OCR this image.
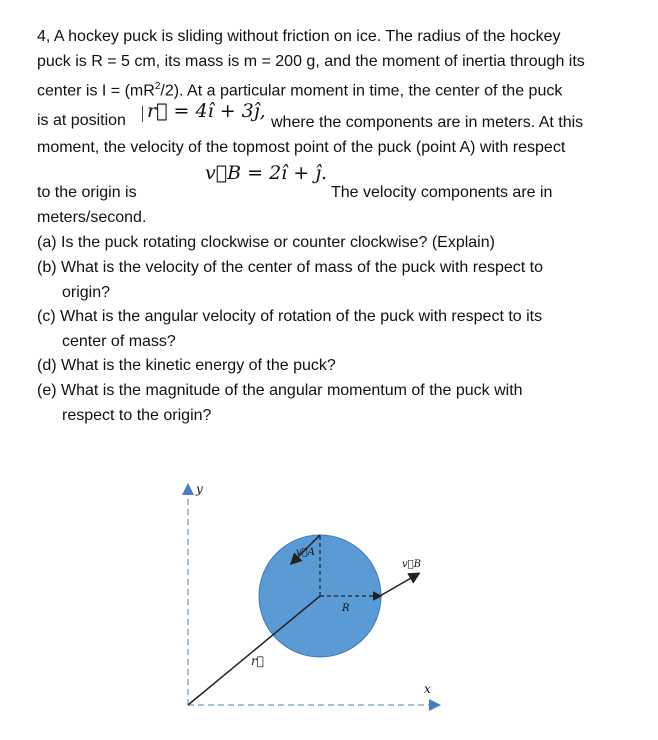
4, A hockey puck is sliding without friction on ice. The radius of the hockey
puck is R = 5 cm, its mass is m = 200 g, and the moment of inertia through its
center is $I = (mR^2/2)$. At a particular moment in time, the center of the puck
is at position r⃗ = 4î + 3ĵ,
where the components are in meters. At this
moment, the velocity of the topmost point of the puck (point A) with respect
v⃗B = 2î + ĵ.
to the origin is	The velocity components are in
meters/second.
(a) Is the puck rotating clockwise or counter clockwise? (Explain)
(b) What is the velocity of the center of mass of the puck with respect to
origin?
(c) What is the angular velocity of rotation of the puck with respect to its
center of mass?
(d) What is the kinetic energy of the puck?
(e) What is the magnitude of the angular momentum of the puck with
respect to the origin?
y
x
r⃗
R
v⃗A
v⃗B
